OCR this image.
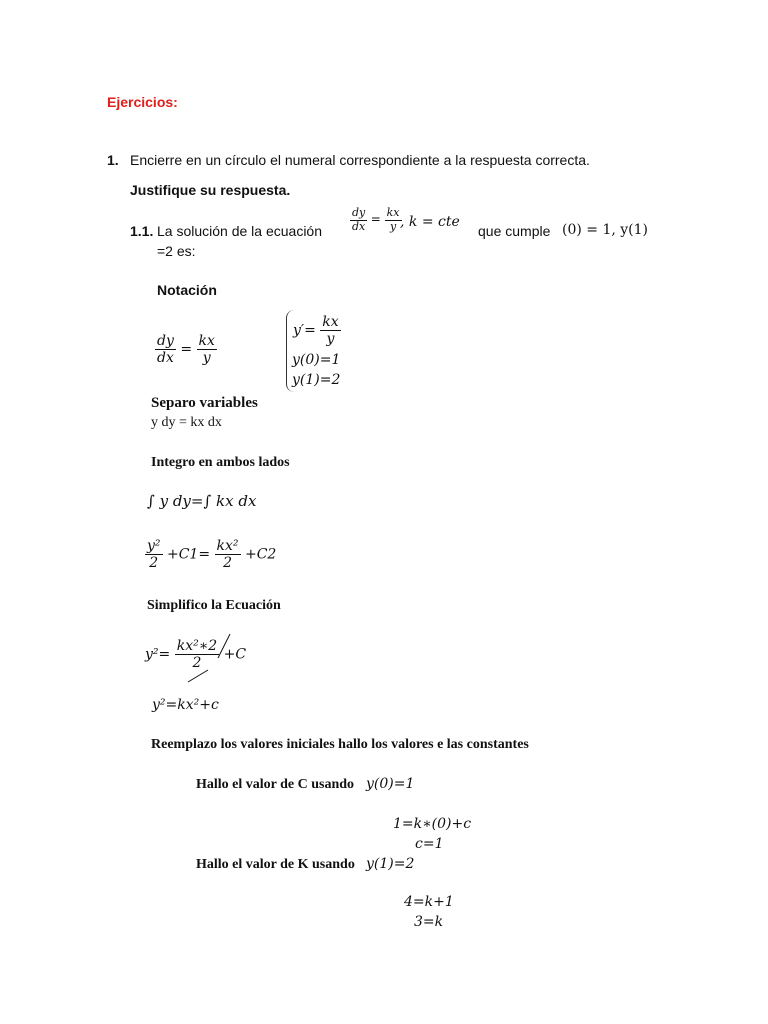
Ejercicios:
1. Encierre en un círculo el numeral correspondiente a la respuesta correcta.
Justifique su respuesta.
1.1. La solución de la ecuación	$\frac{dy}{dx} = \frac{kx}{y}$
, k = cte
que cumple (0) = 1, y(1)
=2 es:
Notación
$\frac{dy}{dx} = \frac{kx}{y}$
$y'= \frac{kx}{y}$
y(0)=1
y(1)=2
Separo variables
y dy = kx dx
Integro en ambos lados
∫ y dy=∫ kx dx
$\frac{\text{y²}}{2} +C1= \frac{\text{kx²}}{2} +C2$
Simplifico la Ecuación
$y^2= \frac{\text{kx²∗2}}{2} +C$
y²=kx²+c
Reemplazo los valores iniciales hallo los valores e las constantes
Hallo el valor de C usando y(0)=1
1=k∗(0)+c
c=1
Hallo el valor de K usando y(1)=2
4=k+1
3=k
